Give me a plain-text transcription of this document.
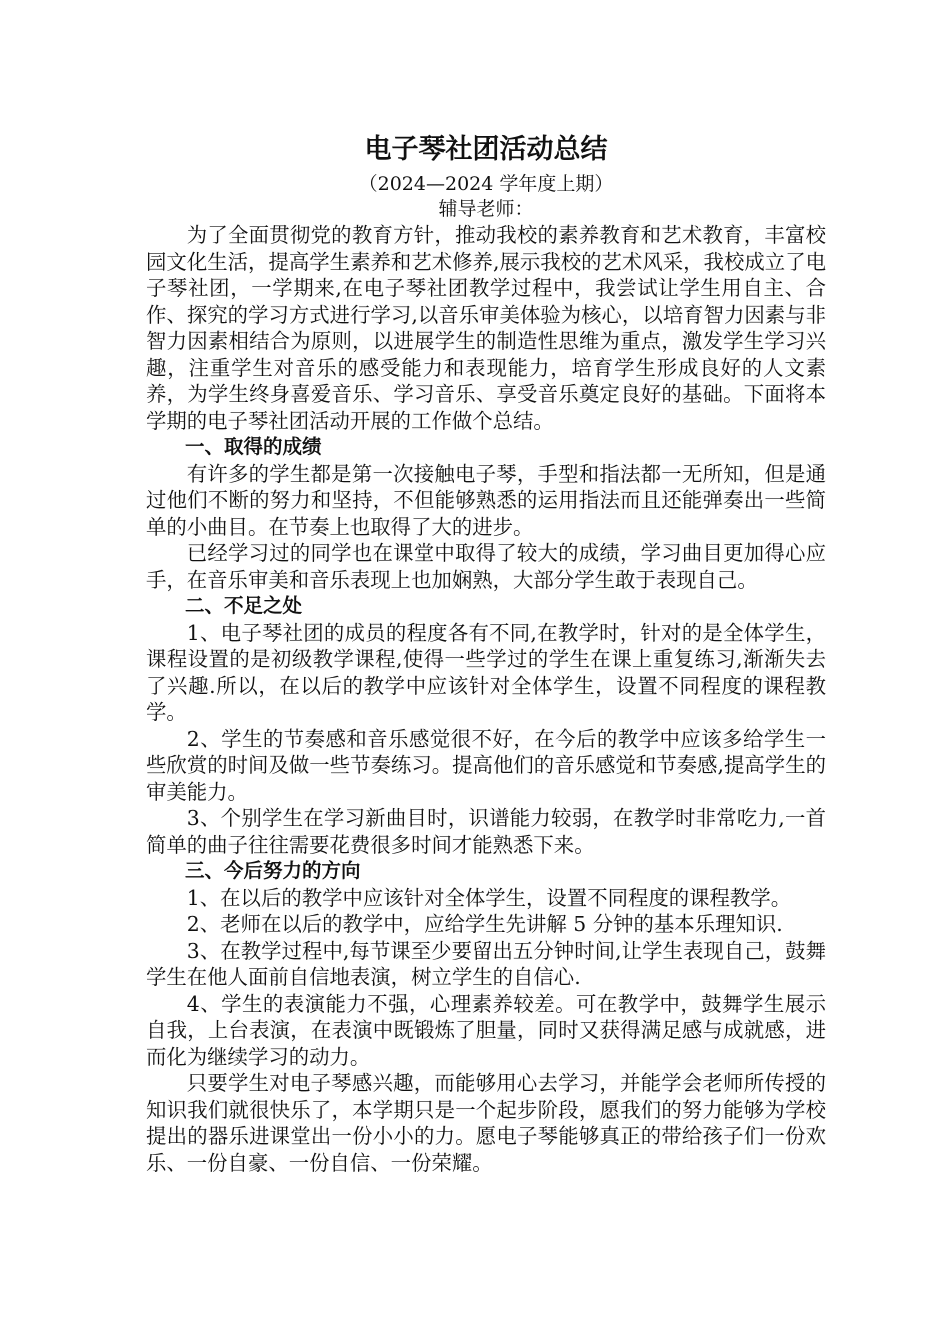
电子琴社团活动总结

（2024—2024 学年度上期）

辅导老师：

为了全面贯彻党的教育方针，推动我校的素养教育和艺术教育，丰富校园文化生活，提高学生素养和艺术修养,展示我校的艺术风采，我校成立了电子琴社团，一学期来,在电子琴社团教学过程中，我尝试让学生用自主、合作、探究的学习方式进行学习,以音乐审美体验为核心，以培育智力因素与非智力因素相结合为原则，以进展学生的制造性思维为重点，激发学生学习兴趣，注重学生对音乐的感受能力和表现能力，培育学生形成良好的人文素养，为学生终身喜爱音乐、学习音乐、享受音乐奠定良好的基础。下面将本学期的电子琴社团活动开展的工作做个总结。

一、取得的成绩

有许多的学生都是第一次接触电子琴，手型和指法都一无所知，但是通过他们不断的努力和坚持，不但能够熟悉的运用指法而且还能弹奏出一些简单的小曲目。在节奏上也取得了大的进步。

已经学习过的同学也在课堂中取得了较大的成绩，学习曲目更加得心应手，在音乐审美和音乐表现上也加娴熟，大部分学生敢于表现自己。

二、不足之处

1、电子琴社团的成员的程度各有不同,在教学时，针对的是全体学生，课程设置的是初级教学课程,使得一些学过的学生在课上重复练习,渐渐失去了兴趣.所以，在以后的教学中应该针对全体学生，设置不同程度的课程教学。

2、学生的节奏感和音乐感觉很不好，在今后的教学中应该多给学生一些欣赏的时间及做一些节奏练习。提高他们的音乐感觉和节奏感,提高学生的审美能力。

3、个别学生在学习新曲目时，识谱能力较弱，在教学时非常吃力,一首简单的曲子往往需要花费很多时间才能熟悉下来。

三、今后努力的方向

1、在以后的教学中应该针对全体学生，设置不同程度的课程教学。

2、老师在以后的教学中，应给学生先讲解 5 分钟的基本乐理知识.

3、在教学过程中,每节课至少要留出五分钟时间,让学生表现自己，鼓舞学生在他人面前自信地表演，树立学生的自信心.

4、学生的表演能力不强，心理素养较差。可在教学中，鼓舞学生展示自我，上台表演，在表演中既锻炼了胆量，同时又获得满足感与成就感，进而化为继续学习的动力。

只要学生对电子琴感兴趣，而能够用心去学习，并能学会老师所传授的知识我们就很快乐了，本学期只是一个起步阶段，愿我们的努力能够为学校提出的器乐进课堂出一份小小的力。愿电子琴能够真正的带给孩子们一份欢乐、一份自豪、一份自信、一份荣耀。
